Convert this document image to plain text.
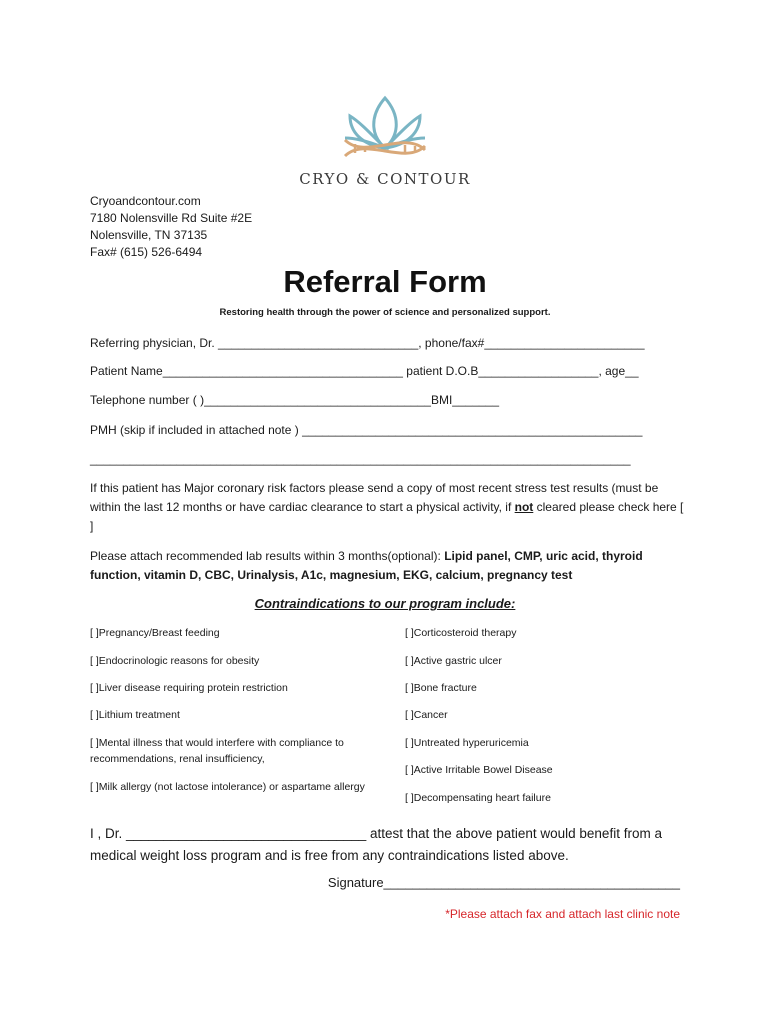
CRYO & CONTOUR
Cryoandcontour.com
7180 Nolensville Rd Suite #2E
Nolensville, TN 37135
Fax# (615) 526-6494
Referral Form
Restoring health through the power of science and personalized support.
Referring physician, Dr. ______________________________, phone/fax#________________________
Patient Name____________________________________ patient D.O.B__________________, age__
Telephone number ( )__________________________________BMI_______
PMH (skip if included in attached note ) ___________________________________________________
_________________________________________________________________________________
If this patient has Major coronary risk factors please send a copy of most recent stress test results (must be within the last 12 months or have cardiac clearance to start a physical activity, if not cleared please check here [ ]
Please attach recommended lab results within 3 months(optional): Lipid panel, CMP, uric acid, thyroid function, vitamin D, CBC, Urinalysis, A1c, magnesium, EKG, calcium, pregnancy test
Contraindications to our program include:
[ ]Pregnancy/Breast feeding
[ ]Endocrinologic reasons for obesity
[ ]Liver disease requiring protein restriction
[ ]Lithium treatment
[ ]Mental illness that would interfere with compliance to recommendations, renal insufficiency,
[ ]Milk allergy (not lactose intolerance) or aspartame allergy
[ ]Corticosteroid therapy
[ ]Active gastric ulcer
[ ]Bone fracture
[ ]Cancer
[ ]Untreated hyperuricemia
[ ]Active Irritable Bowel Disease
[ ]Decompensating heart failure
I , Dr. ________________________________ attest that the above patient would benefit from a medical weight loss program and is free from any contraindications listed above.
Signature_________________________________________
*Please attach fax and attach last clinic note
